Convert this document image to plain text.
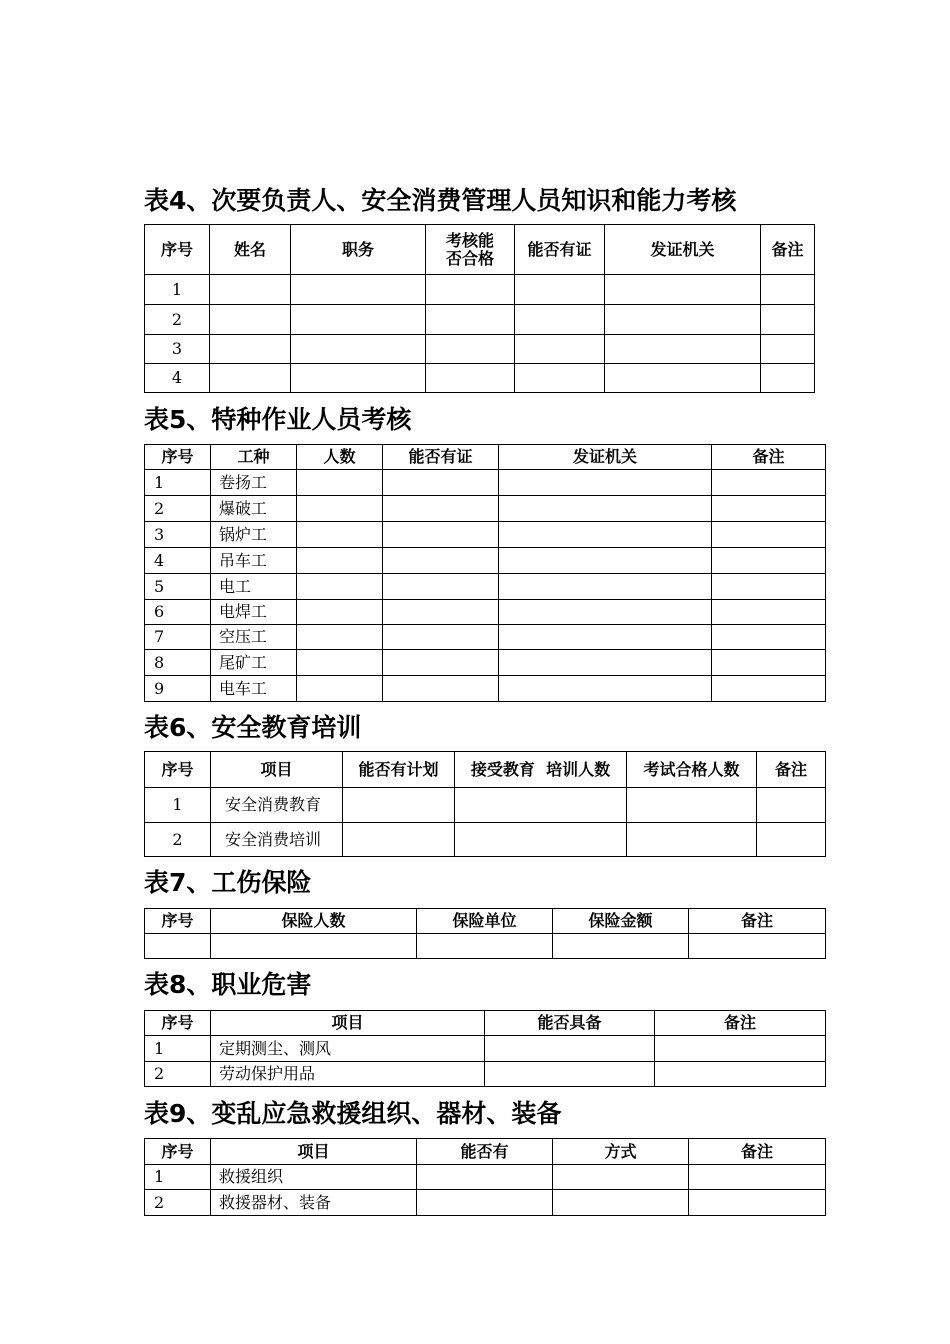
表4、次要负责人、安全消费管理人员知识和能力考核
序号	姓名	职务	考核能否合格	能否有证	发证机关	备注
1						
2						
3						
4						
表5、特种作业人员考核
序号	工种	人数	能否有证	发证机关	备注
1	卷扬工				
2	爆破工				
3	锅炉工				
4	吊车工				
5	电工				
6	电焊工				
7	空压工				
8	尾矿工				
9	电车工				
表6、安全教育培训
序号	项目	能否有计划	接受教育  培训人数	考试合格人数	备注
1	安全消费教育				
2	安全消费培训				
表7、工伤保险
序号	保险人数	保险单位	保险金额	备注

表8、职业危害
序号	项目	能否具备	备注
1	定期测尘、测风		
2	劳动保护用品		
表9、变乱应急救援组织、器材、装备
序号	项目	能否有	方式	备注
1	救援组织			
2	救援器材、装备			
